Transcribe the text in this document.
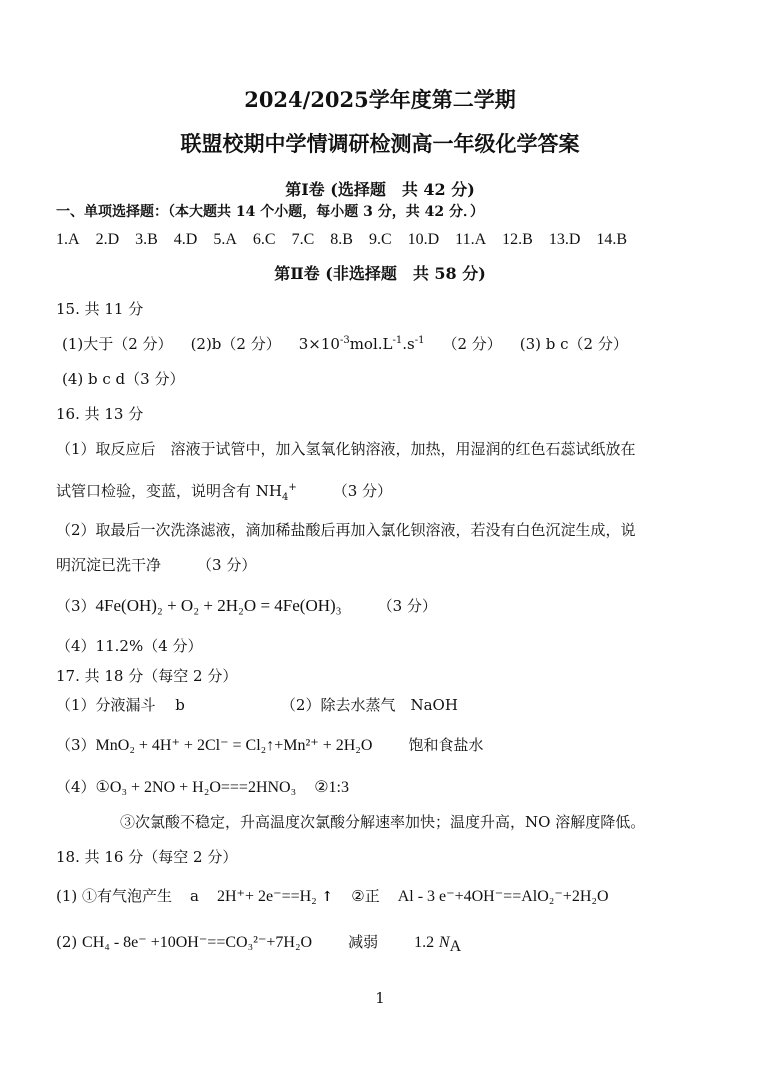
2024/2025学年度第二学期
联盟校期中学情调研检测高一年级化学答案
第Ⅰ卷 (选择题　共 42 分)
一、单项选择题：（本大题共 14 个小题，每小题 3 分，共 42 分．）
1.A 2.D 3.B 4.D 5.A 6.C 7.C 8.B 9.C 10.D 11.A 12.B 13.D 14.B
第Ⅱ卷 (非选择题　共 58 分)
15. 共 11 分
(1)大于（2 分） (2)b（2 分） $3\times 10^{-3}mol.L^{-1}.s^{-1}$ （2 分） (3) b c（2 分）
(4) b c d（3 分）
16. 共 13 分
（1）取反应后　溶液于试管中，加入氢氧化钠溶液，加热，用湿润的红色石蕊试纸放在
试管口检验，变蓝，说明含有 $NH_4^+$ （3 分）
（2）取最后一次洗涤滤液，滴加稀盐酸后再加入氯化钡溶液，若没有白色沉淀生成，说
明沉淀已洗干净 （3 分）
（3）4Fe(OH)₂ + O₂ + 2H₂O = 4Fe(OH)₃ （3 分）
（4）11.2%（4 分）
17. 共 18 分（每空 2 分）
（1）分液漏斗　 b	（2）除去水蒸气　NaOH
（3）MnO₂ + 4H⁺ + 2Cl⁻ = Cl₂↑+Mn²⁺ + 2H₂O 饱和食盐水
（4）①O₃ + 2NO + H₂O===2HNO₃ ②1:3
③次氯酸不稳定，升高温度次氯酸分解速率加快；温度升高，NO 溶解度降低。
18. 共 16 分（每空 2 分）
(1) ①有气泡产生 a 2H⁺+ 2e⁻==H₂ ↑ ②正 Al - 3 e⁻+4OH⁻==AlO₂⁻+2H₂O
(2) CH₄ - 8e⁻ +10OH⁻==CO₃²⁻+7H₂O 减弱 1.2 $N_A$
1
